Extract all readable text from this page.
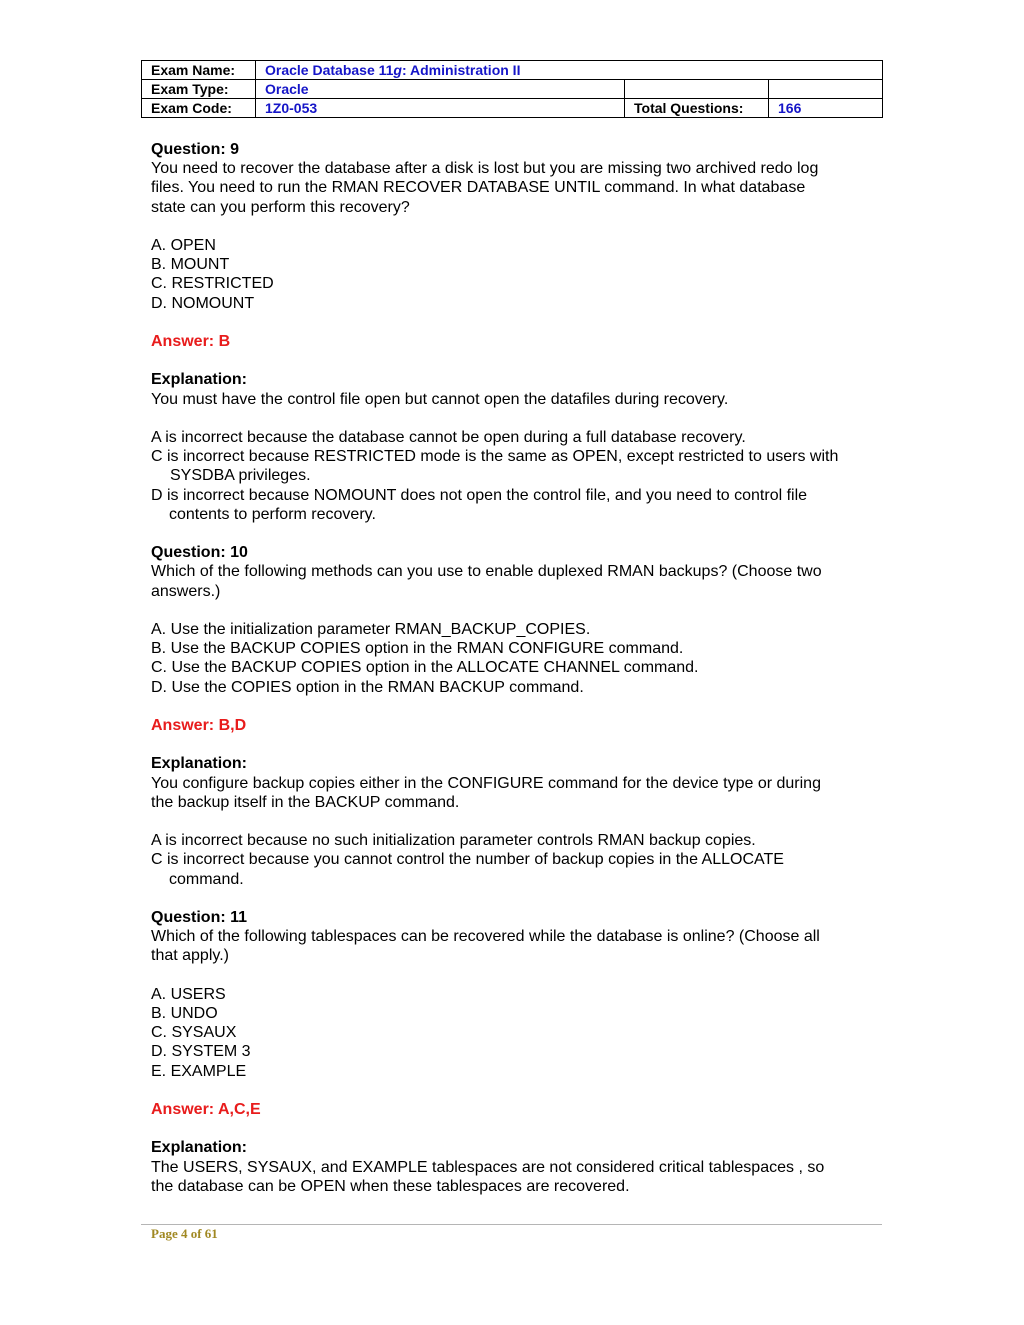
Exam Name:	Oracle Database 11g: Administration II		
Exam Type:	Oracle		
Exam Code:	1Z0-053	Total Questions:	166

Question: 9

You need to recover the database after a disk is lost but you are missing two archived redo log

files. You need to run the RMAN RECOVER DATABASE UNTIL command. In what database

state can you perform this recovery?

A. OPEN

B. MOUNT

C. RESTRICTED

D. NOMOUNT

Answer: B

Explanation:

You must have the control file open but cannot open the datafiles during recovery.

A is incorrect because the database cannot be open during a full database recovery.

C is incorrect because RESTRICTED mode is the same as OPEN, except restricted to users with

SYSDBA privileges.

D is incorrect because NOMOUNT does not open the control file, and you need to control file

contents to perform recovery.

Question: 10

Which of the following methods can you use to enable duplexed RMAN backups? (Choose two

answers.)

A. Use the initialization parameter RMAN_BACKUP_COPIES.

B. Use the BACKUP COPIES option in the RMAN CONFIGURE command.

C. Use the BACKUP COPIES option in the ALLOCATE CHANNEL command.

D. Use the COPIES option in the RMAN BACKUP command.

Answer: B,D

Explanation:

You configure backup copies either in the CONFIGURE command for the device type or during

the backup itself in the BACKUP command.

A is incorrect because no such initialization parameter controls RMAN backup copies.

C is incorrect because you cannot control the number of backup copies in the ALLOCATE

command.

Question: 11

Which of the following tablespaces can be recovered while the database is online? (Choose all

that apply.)

A. USERS

B. UNDO

C. SYSAUX

D. SYSTEM 3

E. EXAMPLE

Answer: A,C,E

Explanation:

The USERS, SYSAUX, and EXAMPLE tablespaces are not considered critical tablespaces , so

the database can be OPEN when these tablespaces are recovered.

Page 4 of 61
